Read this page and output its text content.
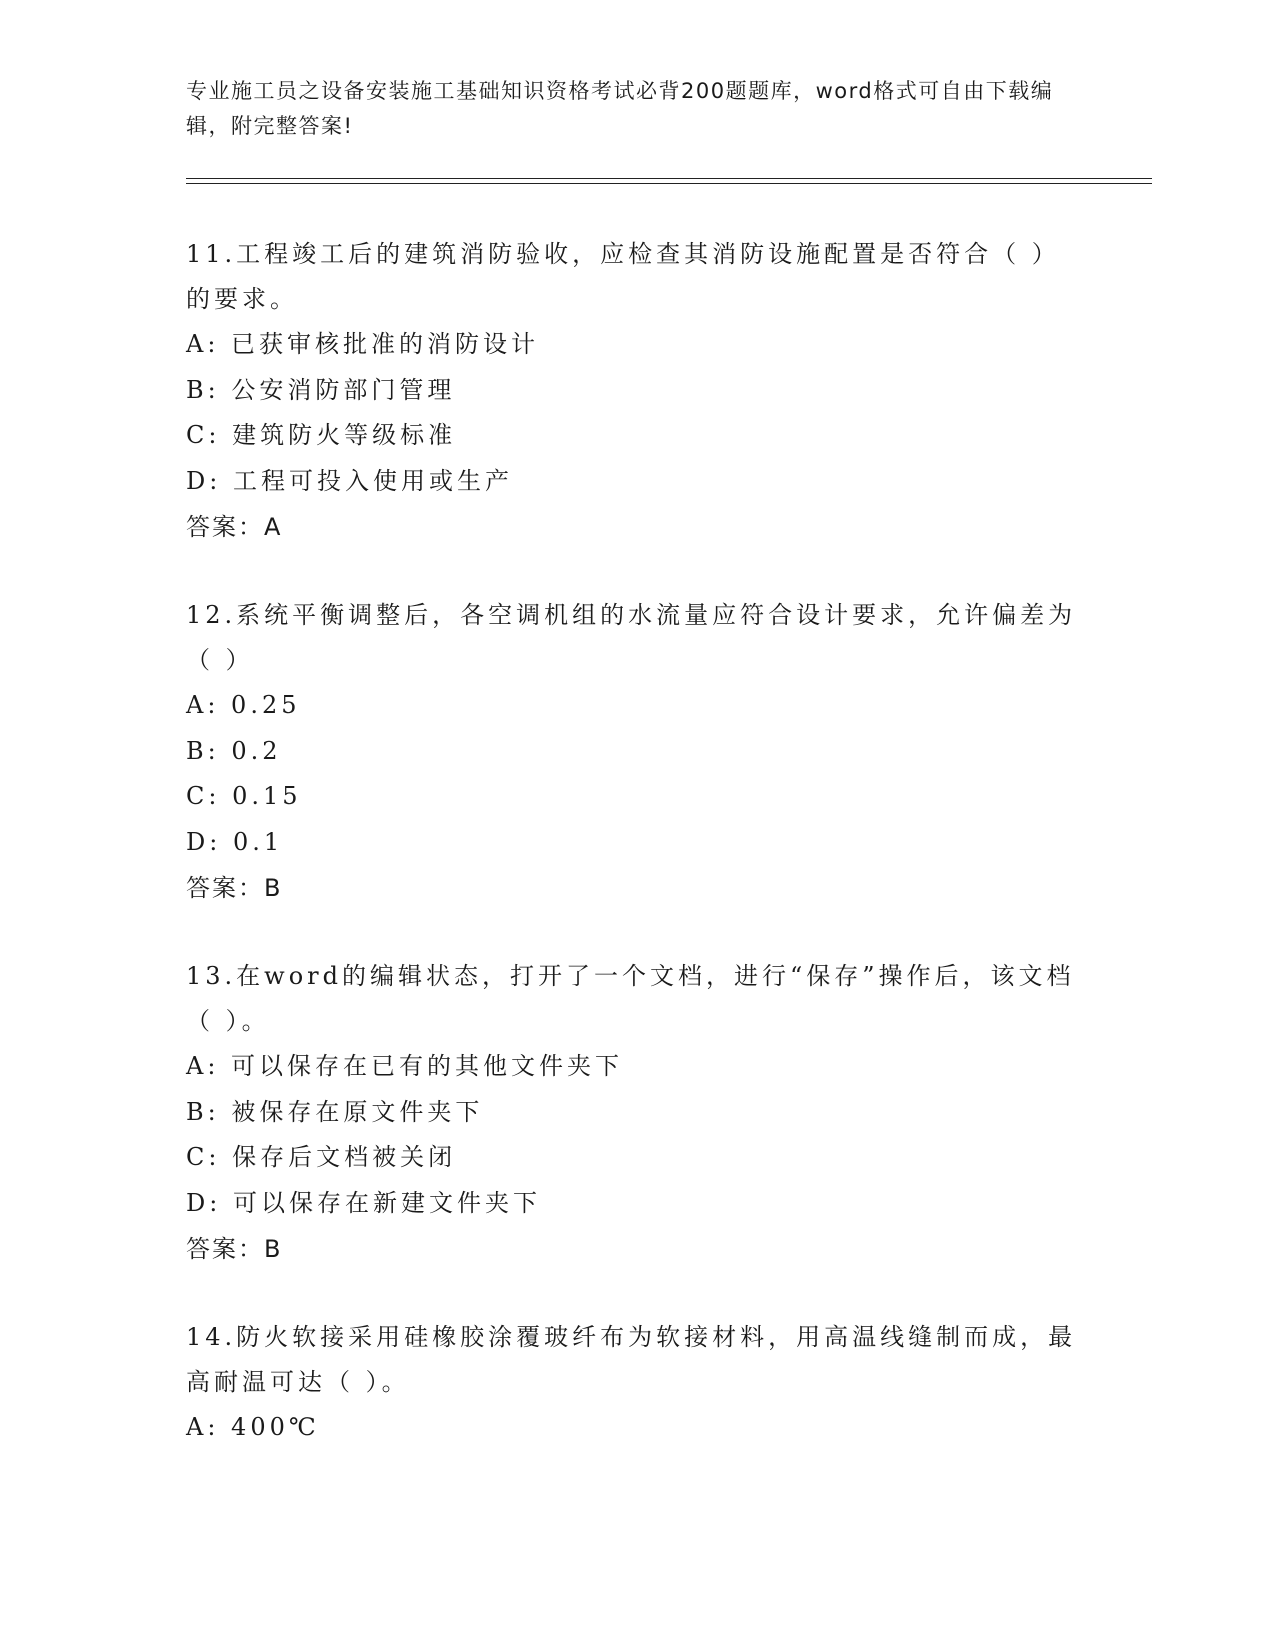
专业施工员之设备安装施工基础知识资格考试必背200题题库，word格式可自由下载编辑，附完整答案!
11.工程竣工后的建筑消防验收，应检查其消防设施配置是否符合（ ）的要求。
A: 已获审核批准的消防设计
B: 公安消防部门管理
C: 建筑防火等级标准
D: 工程可投入使用或生产
答案：A
12.系统平衡调整后，各空调机组的水流量应符合设计要求，允许偏差为（ ）
A: 0.25
B: 0.2
C: 0.15
D: 0.1
答案：B
13.在word的编辑状态，打开了一个文档，进行“保存”操作后，该文档（ ）。
A: 可以保存在已有的其他文件夹下
B: 被保存在原文件夹下
C: 保存后文档被关闭
D: 可以保存在新建文件夹下
答案：B
14.防火软接采用硅橡胶涂覆玻纤布为软接材料，用高温线缝制而成，最高耐温可达（ ）。
A: 400℃
